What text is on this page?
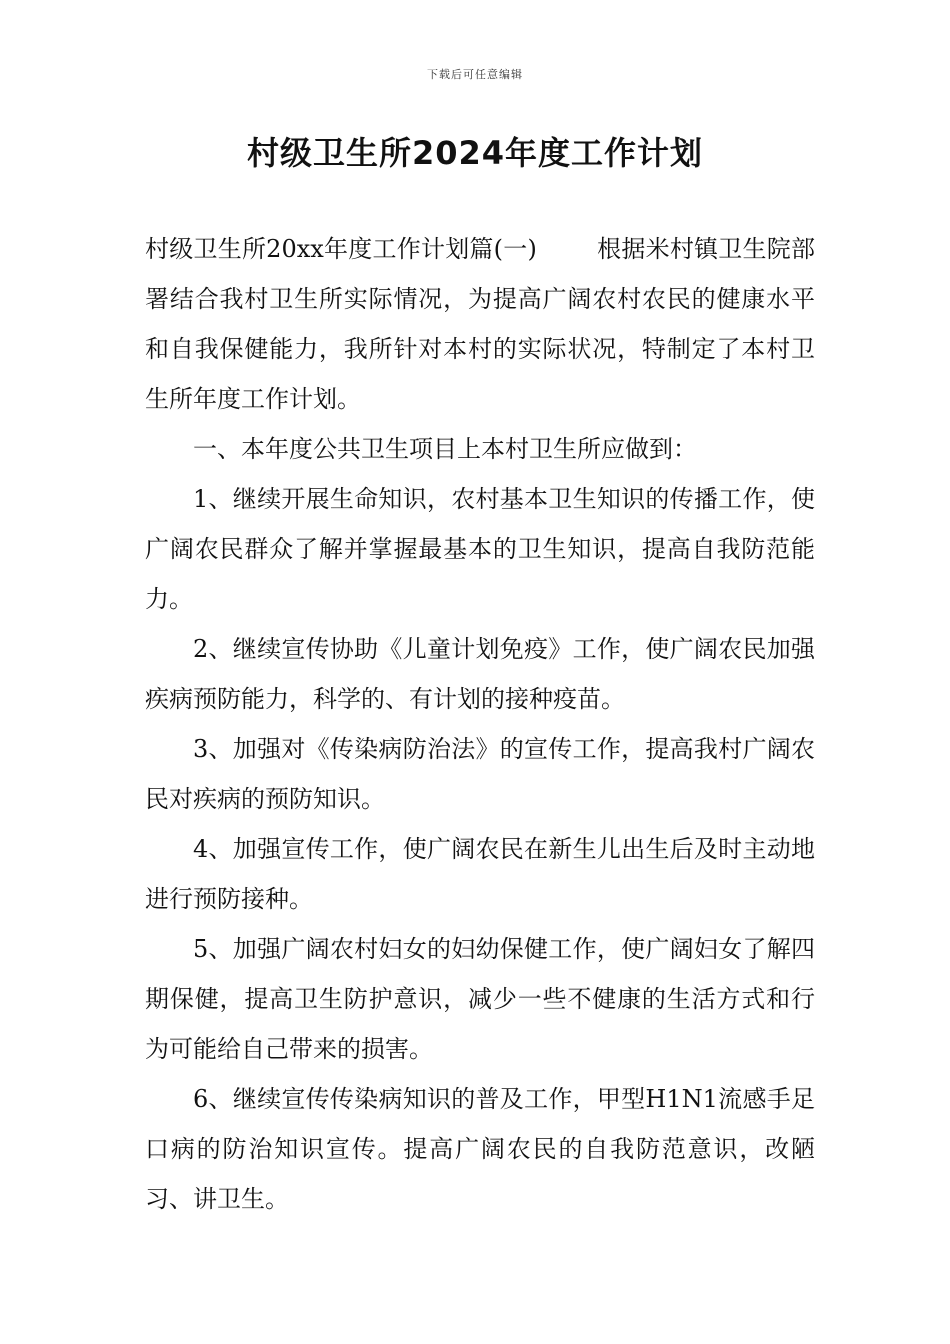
下载后可任意编辑
村级卫生所2024年度工作计划

村级卫生所20xx年度工作计划篇(一)	根据米村镇卫生院部署结合我村卫生所实际情况，为提高广阔农村农民的健康水平和自我保健能力，我所针对本村的实际状况，特制定了本村卫生所年度工作计划。

一、本年度公共卫生项目上本村卫生所应做到：

1、继续开展生命知识，农村基本卫生知识的传播工作，使广阔农民群众了解并掌握最基本的卫生知识，提高自我防范能力。

2、继续宣传协助《儿童计划免疫》工作，使广阔农民加强疾病预防能力，科学的、有计划的接种疫苗。

3、加强对《传染病防治法》的宣传工作，提高我村广阔农民对疾病的预防知识。

4、加强宣传工作，使广阔农民在新生儿出生后及时主动地进行预防接种。

5、加强广阔农村妇女的妇幼保健工作，使广阔妇女了解四期保健，提高卫生防护意识，减少一些不健康的生活方式和行为可能给自己带来的损害。

6、继续宣传传染病知识的普及工作，甲型H1N1流感手足口病的防治知识宣传。提高广阔农民的自我防范意识，改陋习、讲卫生。
